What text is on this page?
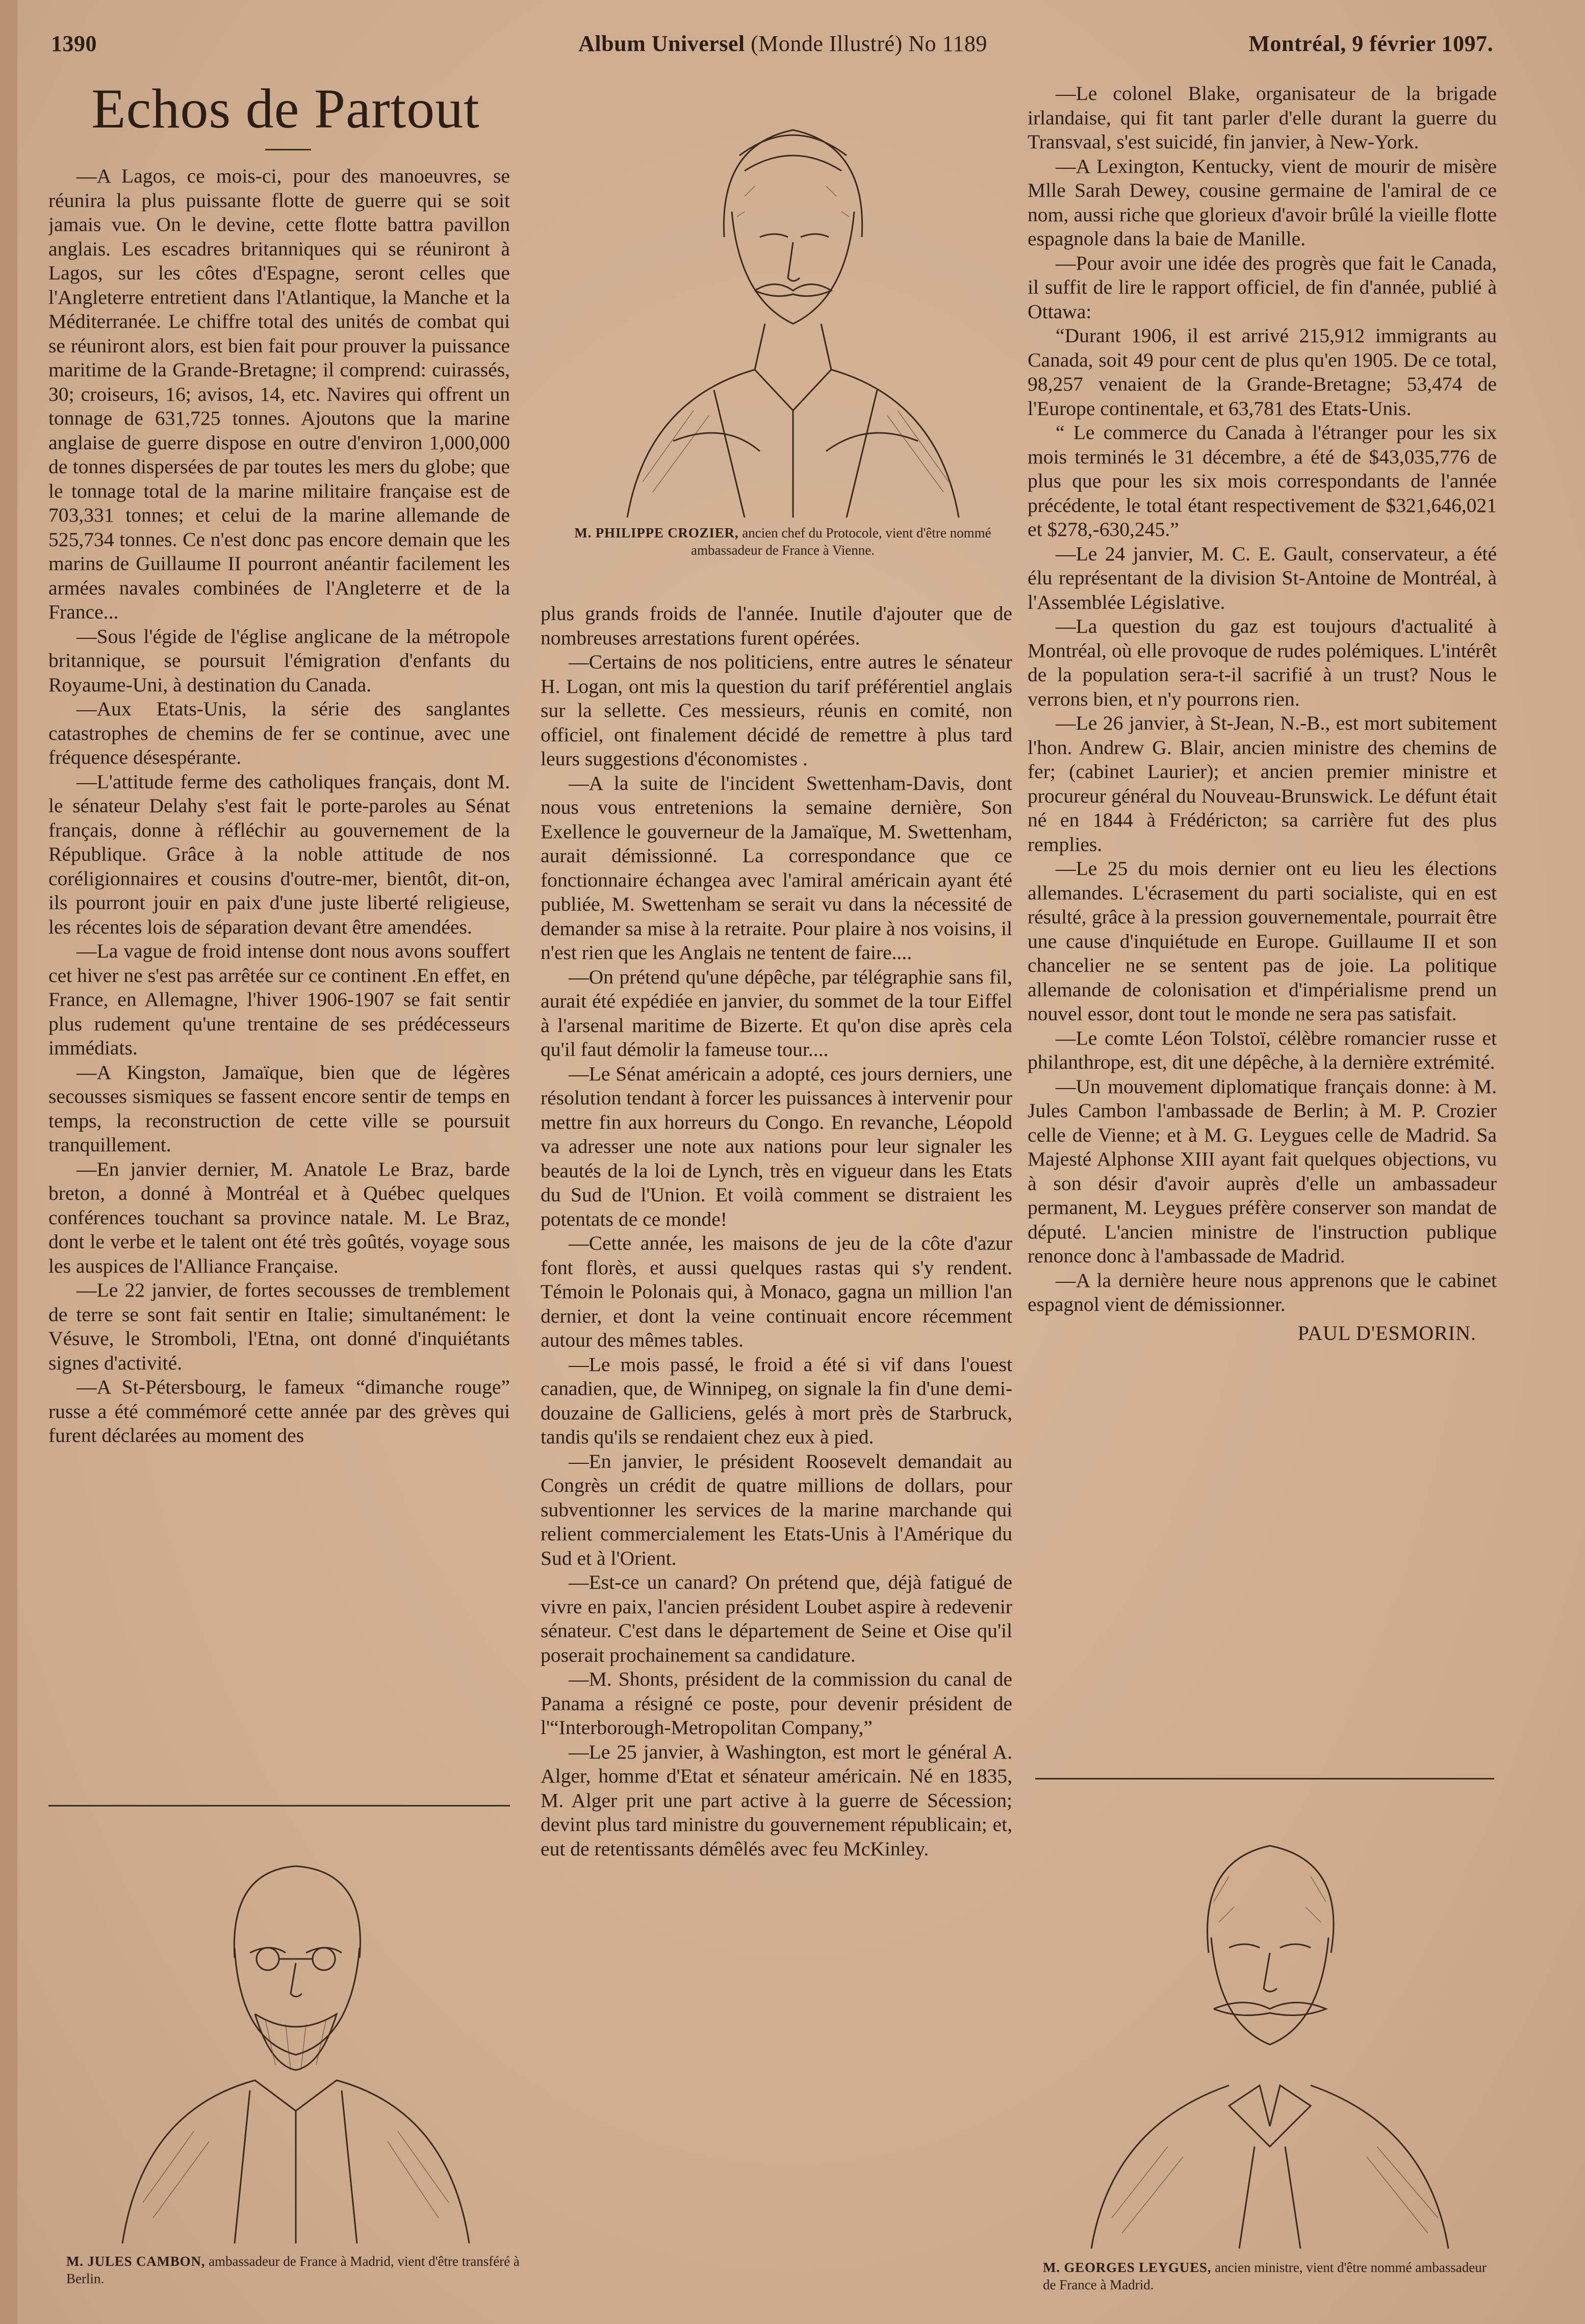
1390	Album Universel (Monde Illustré) No 1189	Montréal, 9 février 1097.
Echos de Partout

—A Lagos, ce mois-ci, pour des manoeuvres, se réunira la plus puissante flotte de guerre qui se soit jamais vue. On le devine, cette flotte battra pavillon anglais. Les escadres britanniques qui se réuniront à Lagos, sur les côtes d'Espagne, seront celles que l'Angleterre entretient dans l'Atlantique, la Manche et la Méditerranée. Le chiffre total des unités de combat qui se réuniront alors, est bien fait pour prouver la puissance maritime de la Grande-Bretagne; il comprend: cuirassés, 30; croiseurs, 16; avisos, 14, etc. Navires qui offrent un tonnage de 631,725 tonnes. Ajoutons que la marine anglaise de guerre dispose en outre d'environ 1,000,000 de tonnes dispersées de par toutes les mers du globe; que le tonnage total de la marine militaire française est de 703,331 tonnes; et celui de la marine allemande de 525,734 tonnes. Ce n'est donc pas encore demain que les marins de Guillaume II pourront anéantir facilement les armées navales combinées de l'Angleterre et de la France...

—Sous l'égide de l'église anglicane de la métropole britannique, se poursuit l'émigration d'enfants du Royaume-Uni, à destination du Canada.

—Aux Etats-Unis, la série des sanglantes catastrophes de chemins de fer se continue, avec une fréquence désespérante.

—L'attitude ferme des catholiques français, dont M. le sénateur Delahy s'est fait le porte-paroles au Sénat français, donne à réfléchir au gouvernement de la République. Grâce à la noble attitude de nos coréligionnaires et cousins d'outre-mer, bientôt, dit-on, ils pourront jouir en paix d'une juste liberté religieuse, les récentes lois de séparation devant être amendées.

—La vague de froid intense dont nous avons souffert cet hiver ne s'est pas arrêtée sur ce continent .En effet, en France, en Allemagne, l'hiver 1906-1907 se fait sentir plus rudement qu'une trentaine de ses prédécesseurs immédiats.

—A Kingston, Jamaïque, bien que de légères secousses sismiques se fassent encore sentir de temps en temps, la reconstruction de cette ville se poursuit tranquillement.

—En janvier dernier, M. Anatole Le Braz, barde breton, a donné à Montréal et à Québec quelques conférences touchant sa province natale. M. Le Braz, dont le verbe et le talent ont été très goûtés, voyage sous les auspices de l'Alliance Française.

—Le 22 janvier, de fortes secousses de tremblement de terre se sont fait sentir en Italie; simultanément: le Vésuve, le Stromboli, l'Etna, ont donné d'inquiétants signes d'activité.

—A St-Pétersbourg, le fameux “dimanche rouge” russe a été commémoré cette année par des grèves qui furent déclarées au moment des

M. PHILIPPE CROZIER, ancien chef du Protocole, vient d'être nommé ambassadeur de France à Vienne.

plus grands froids de l'année. Inutile d'ajouter que de nombreuses arrestations furent opérées.

—Certains de nos politiciens, entre autres le sénateur H. Logan, ont mis la question du tarif préférentiel anglais sur la sellette. Ces messieurs, réunis en comité, non officiel, ont finalement décidé de remettre à plus tard leurs suggestions d'économistes .

—A la suite de l'incident Swettenham-Davis, dont nous vous entretenions la semaine dernière, Son Exellence le gouverneur de la Jamaïque, M. Swettenham, aurait démissionné. La correspondance que ce fonctionnaire échangea avec l'amiral américain ayant été publiée, M. Swettenham se serait vu dans la nécessité de demander sa mise à la retraite. Pour plaire à nos voisins, il n'est rien que les Anglais ne tentent de faire....

—On prétend qu'une dépêche, par télégraphie sans fil, aurait été expédiée en janvier, du sommet de la tour Eiffel à l'arsenal maritime de Bizerte. Et qu'on dise après cela qu'il faut démolir la fameuse tour....

—Le Sénat américain a adopté, ces jours derniers, une résolution tendant à forcer les puissances à intervenir pour mettre fin aux horreurs du Congo. En revanche, Léopold va adresser une note aux nations pour leur signaler les beautés de la loi de Lynch, très en vigueur dans les Etats du Sud de l'Union. Et voilà comment se distraient les potentats de ce monde!

—Cette année, les maisons de jeu de la côte d'azur font florès, et aussi quelques rastas qui s'y rendent. Témoin le Polonais qui, à Monaco, gagna un million l'an dernier, et dont la veine continuait encore récemment autour des mêmes tables.

—Le mois passé, le froid a été si vif dans l'ouest canadien, que, de Winnipeg, on signale la fin d'une demi-douzaine de Galliciens, gelés à mort près de Starbruck, tandis qu'ils se rendaient chez eux à pied.

—En janvier, le président Roosevelt demandait au Congrès un crédit de quatre millions de dollars, pour subventionner les services de la marine marchande qui relient commercialement les Etats-Unis à l'Amérique du Sud et à l'Orient.

—Est-ce un canard? On prétend que, déjà fatigué de vivre en paix, l'ancien président Loubet aspire à redevenir sénateur. C'est dans le département de Seine et Oise qu'il poserait prochainement sa candidature.

—M. Shonts, président de la commission du canal de Panama a résigné ce poste, pour devenir président de l'“Interborough-Metropolitan Company,”

—Le 25 janvier, à Washington, est mort le général A. Alger, homme d'Etat et sénateur américain. Né en 1835, M. Alger prit une part active à la guerre de Sécession; devint plus tard ministre du gouvernement républicain; et, eut de retentissants démêlés avec feu McKinley.

—Le colonel Blake, organisateur de la brigade irlandaise, qui fit tant parler d'elle durant la guerre du Transvaal, s'est suicidé, fin janvier, à New-York.

—A Lexington, Kentucky, vient de mourir de misère Mlle Sarah Dewey, cousine germaine de l'amiral de ce nom, aussi riche que glorieux d'avoir brûlé la vieille flotte espagnole dans la baie de Manille.

—Pour avoir une idée des progrès que fait le Canada, il suffit de lire le rapport officiel, de fin d'année, publié à Ottawa:

“Durant 1906, il est arrivé 215,912 immigrants au Canada, soit 49 pour cent de plus qu'en 1905. De ce total, 98,257 venaient de la Grande-Bretagne; 53,474 de l'Europe continentale, et 63,781 des Etats-Unis.

“ Le commerce du Canada à l'étranger pour les six mois terminés le 31 décembre, a été de $43,035,776 de plus que pour les six mois correspondants de l'année précédente, le total étant respectivement de $321,646,021 et $278,-630,245.”

—Le 24 janvier, M. C. E. Gault, conservateur, a été élu représentant de la division St-Antoine de Montréal, à l'Assemblée Législative.

—La question du gaz est toujours d'actualité à Montréal, où elle provoque de rudes polémiques. L'intérêt de la population sera-t-il sacrifié à un trust? Nous le verrons bien, et n'y pourrons rien.

—Le 26 janvier, à St-Jean, N.-B., est mort subitement l'hon. Andrew G. Blair, ancien ministre des chemins de fer; (cabinet Laurier); et ancien premier ministre et procureur général du Nouveau-Brunswick. Le défunt était né en 1844 à Frédéricton; sa carrière fut des plus remplies.

—Le 25 du mois dernier ont eu lieu les élections allemandes. L'écrasement du parti socialiste, qui en est résulté, grâce à la pression gouvernementale, pourrait être une cause d'inquiétude en Europe. Guillaume II et son chancelier ne se sentent pas de joie. La politique allemande de colonisation et d'impérialisme prend un nouvel essor, dont tout le monde ne sera pas satisfait.

—Le comte Léon Tolstoï, célèbre romancier russe et philanthrope, est, dit une dépêche, à la dernière extrémité.

—Un mouvement diplomatique français donne: à M. Jules Cambon l'ambassade de Berlin; à M. P. Crozier celle de Vienne; et à M. G. Leygues celle de Madrid. Sa Majesté Alphonse XIII ayant fait quelques objections, vu à son désir d'avoir auprès d'elle un ambassadeur permanent, M. Leygues préfère conserver son mandat de député. L'ancien ministre de l'instruction publique renonce donc à l'ambassade de Madrid.

—A la dernière heure nous apprenons que le cabinet espagnol vient de démissionner.

PAUL D'ESMORIN.
M. JULES CAMBON, ambassadeur de France à Madrid, vient d'être transféré à Berlin.
M. GEORGES LEYGUES, ancien ministre, vient d'être nommé ambassadeur de France à Madrid.
